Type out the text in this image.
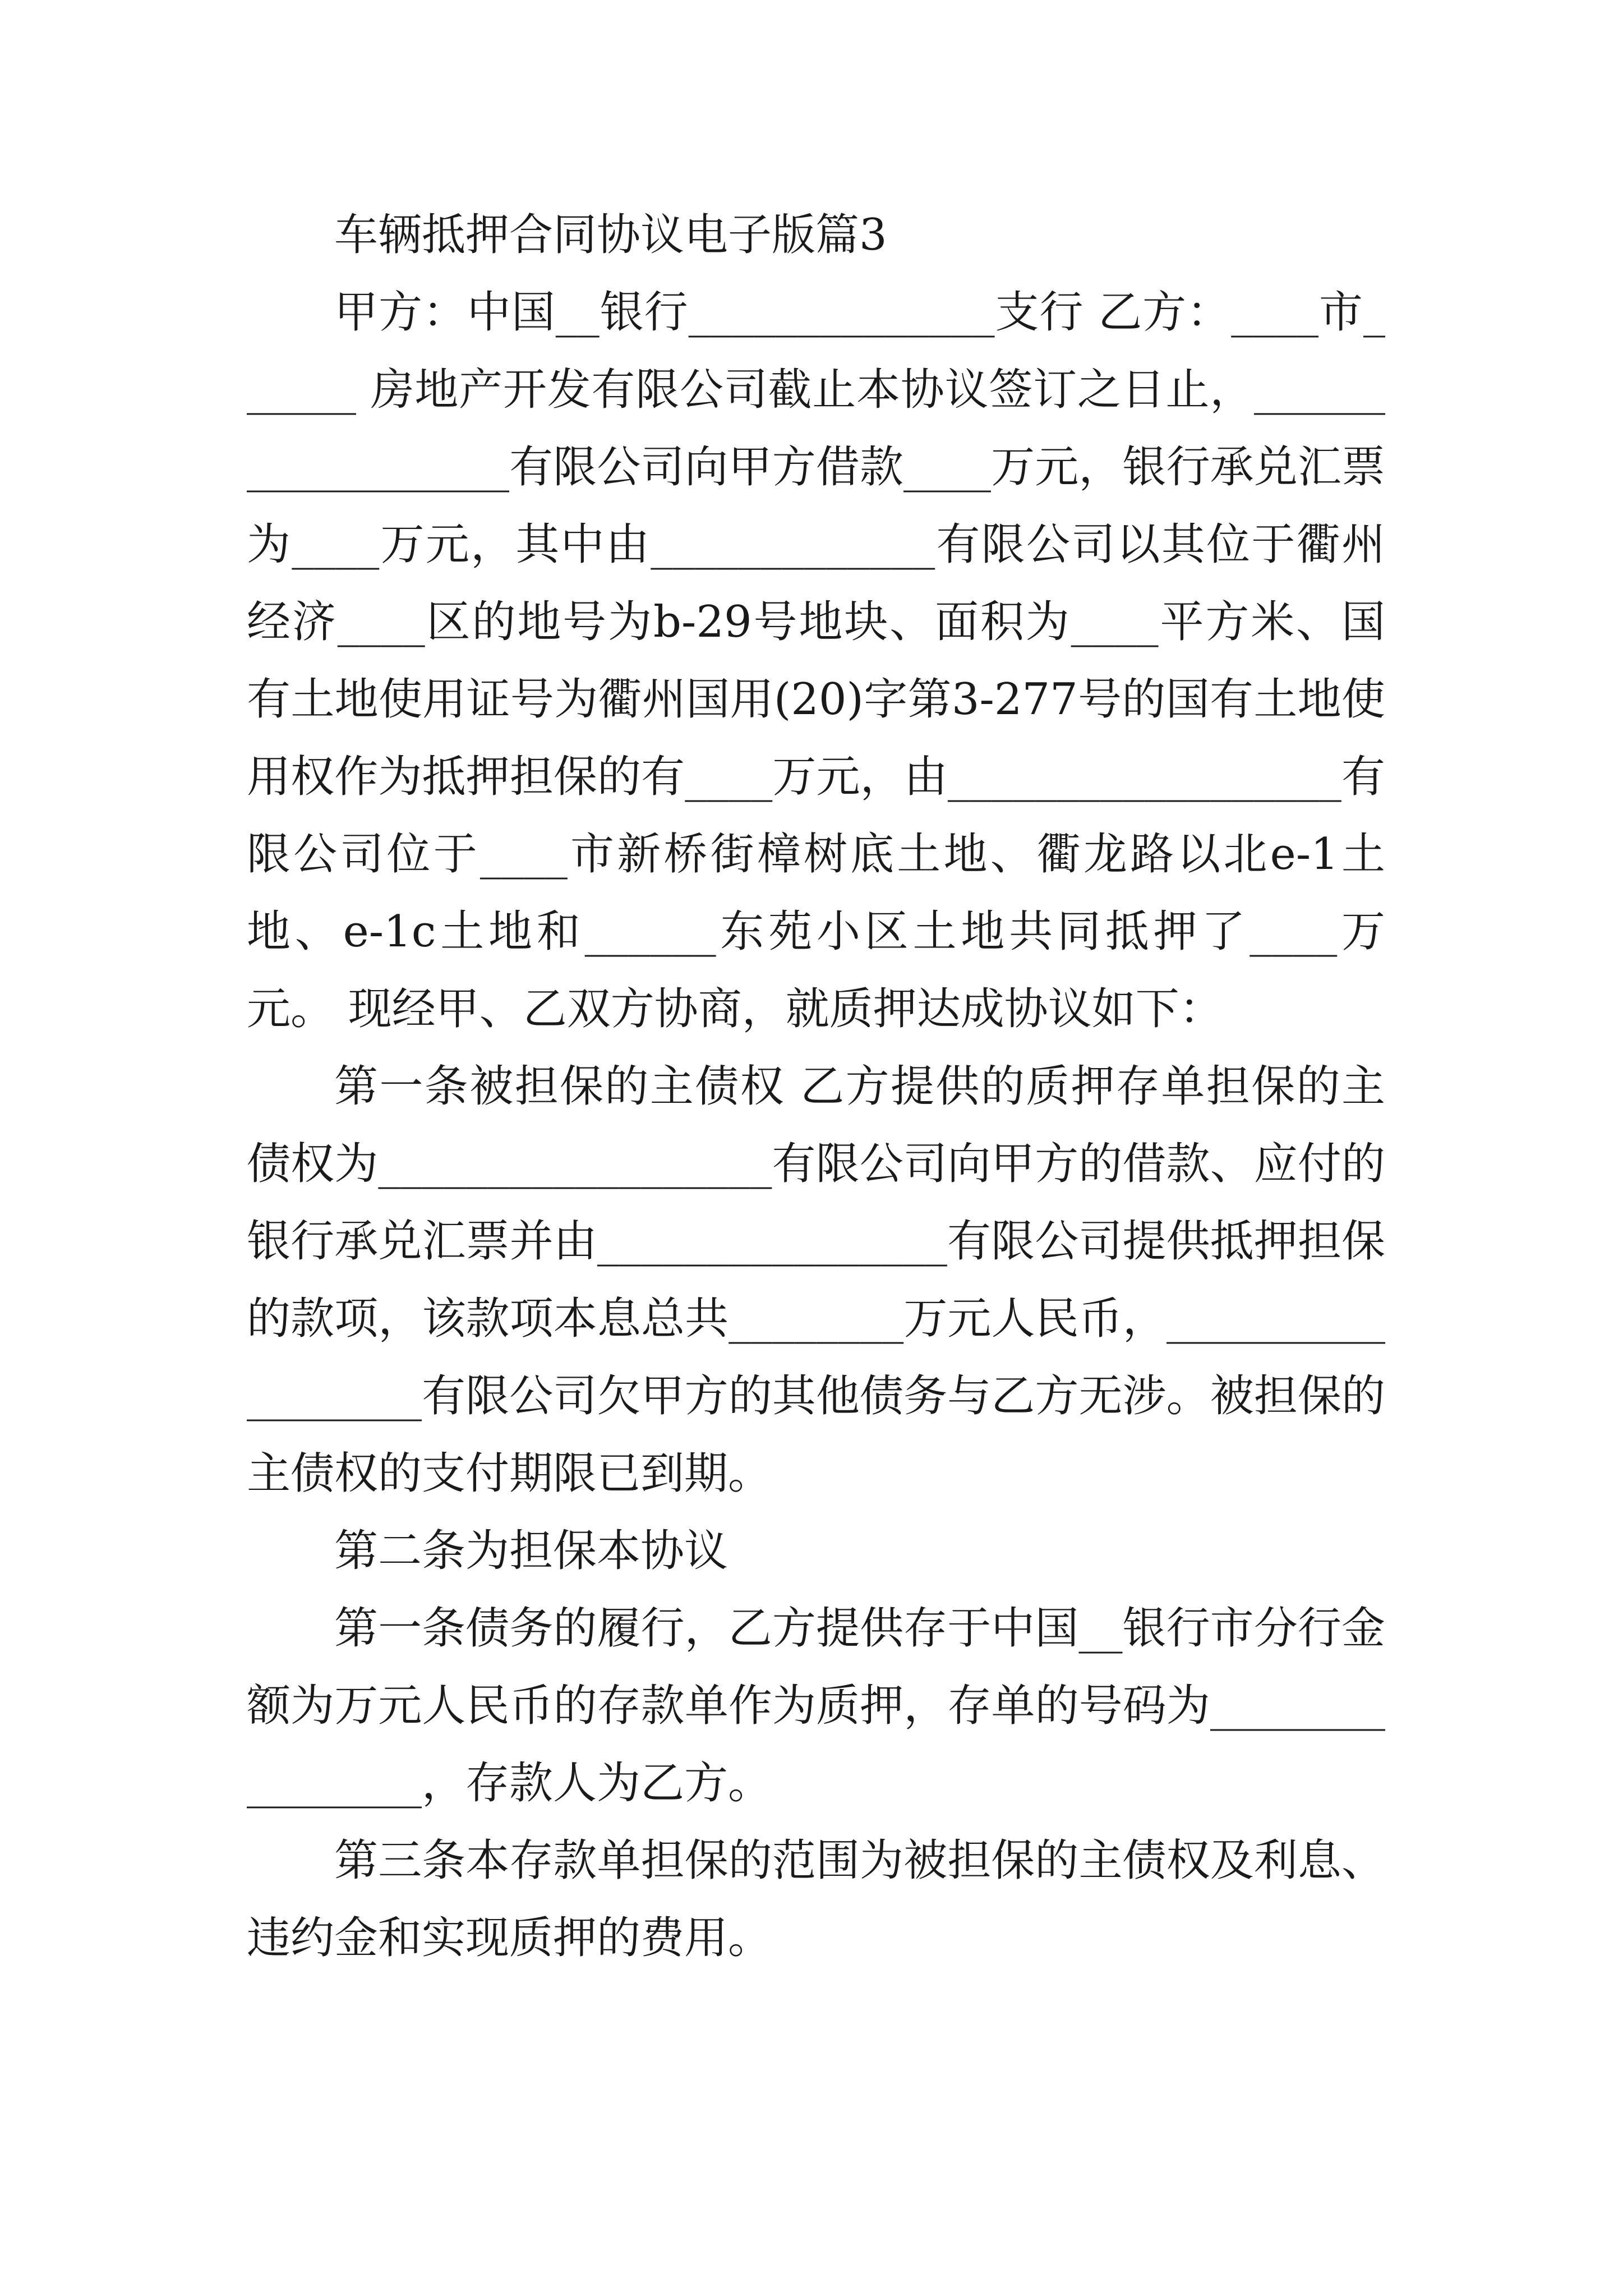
车辆抵押合同协议电子版篇3

甲方：中国__银行______________支行 乙方：____市______ 房地产开发有限公司截止本协议签订之日止，__________________有限公司向甲方借款____万元，银行承兑汇票为____万元，其中由_____________有限公司以其位于衢州经济____区的地号为b-29号地块、面积为____平方米、国有土地使用证号为衢州国用(20)字第3-277号的国有土地使用权作为抵押担保的有____万元，由__________________有限公司位于____市新桥街樟树底土地、衢龙路以北e-1土地、e-1c土地和______东苑小区土地共同抵押了____万元。 现经甲、乙双方协商，就质押达成协议如下：

第一条被担保的主债权 乙方提供的质押存单担保的主债权为__________________有限公司向甲方的借款、应付的银行承兑汇票并由________________有限公司提供抵押担保的款项，该款项本息总共________万元人民币，__________________有限公司欠甲方的其他债务与乙方无涉。被担保的主债权的支付期限已到期。

第二条为担保本协议

第一条债务的履行，乙方提供存于中国__银行市分行金额为万元人民币的存款单作为质押，存单的号码为________________，存款人为乙方。

第三条本存款单担保的范围为被担保的主债权及利息、违约金和实现质押的费用。
